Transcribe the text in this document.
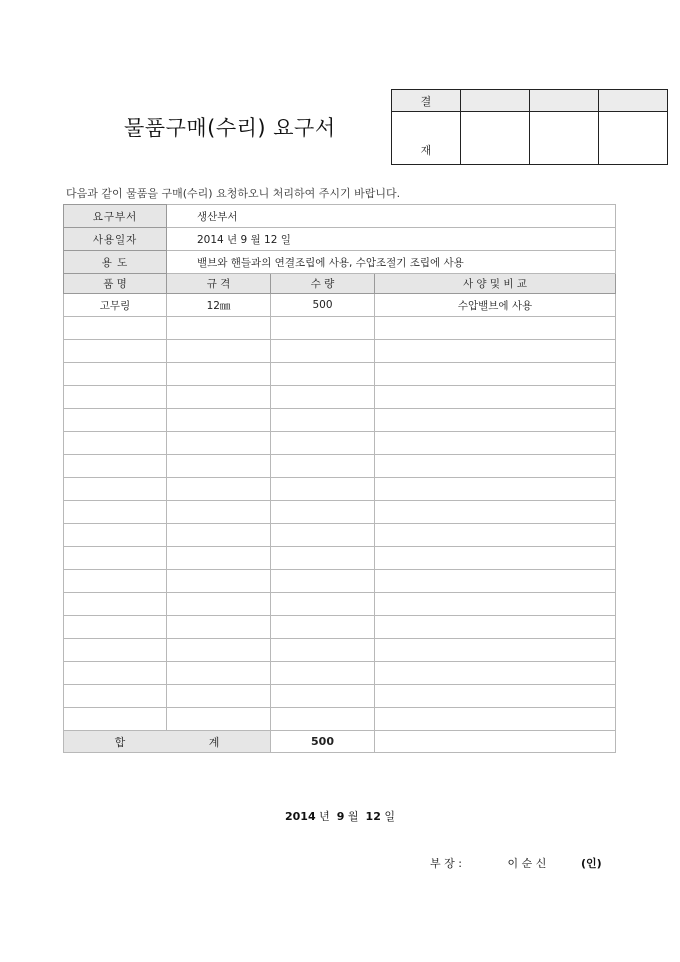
물품구매(수리) 요구서
결			
재			
다음과 같이 물품을 구매(수리) 요청하오니 처리하여 주시기 바랍니다.
요구부서	생산부서		
사용일자	2014 년 9 월 12 일		
용 도	밸브와 핸들과의 연결조립에 사용, 수압조절기 조립에 사용		
품 명	규 격	수 량	사 양 및 비 교
고무링	12㎜	500	수압밸브에 사용

합 계		500	
2014 년 9 월 12 일
부 장 :	이 순 신	(인)
